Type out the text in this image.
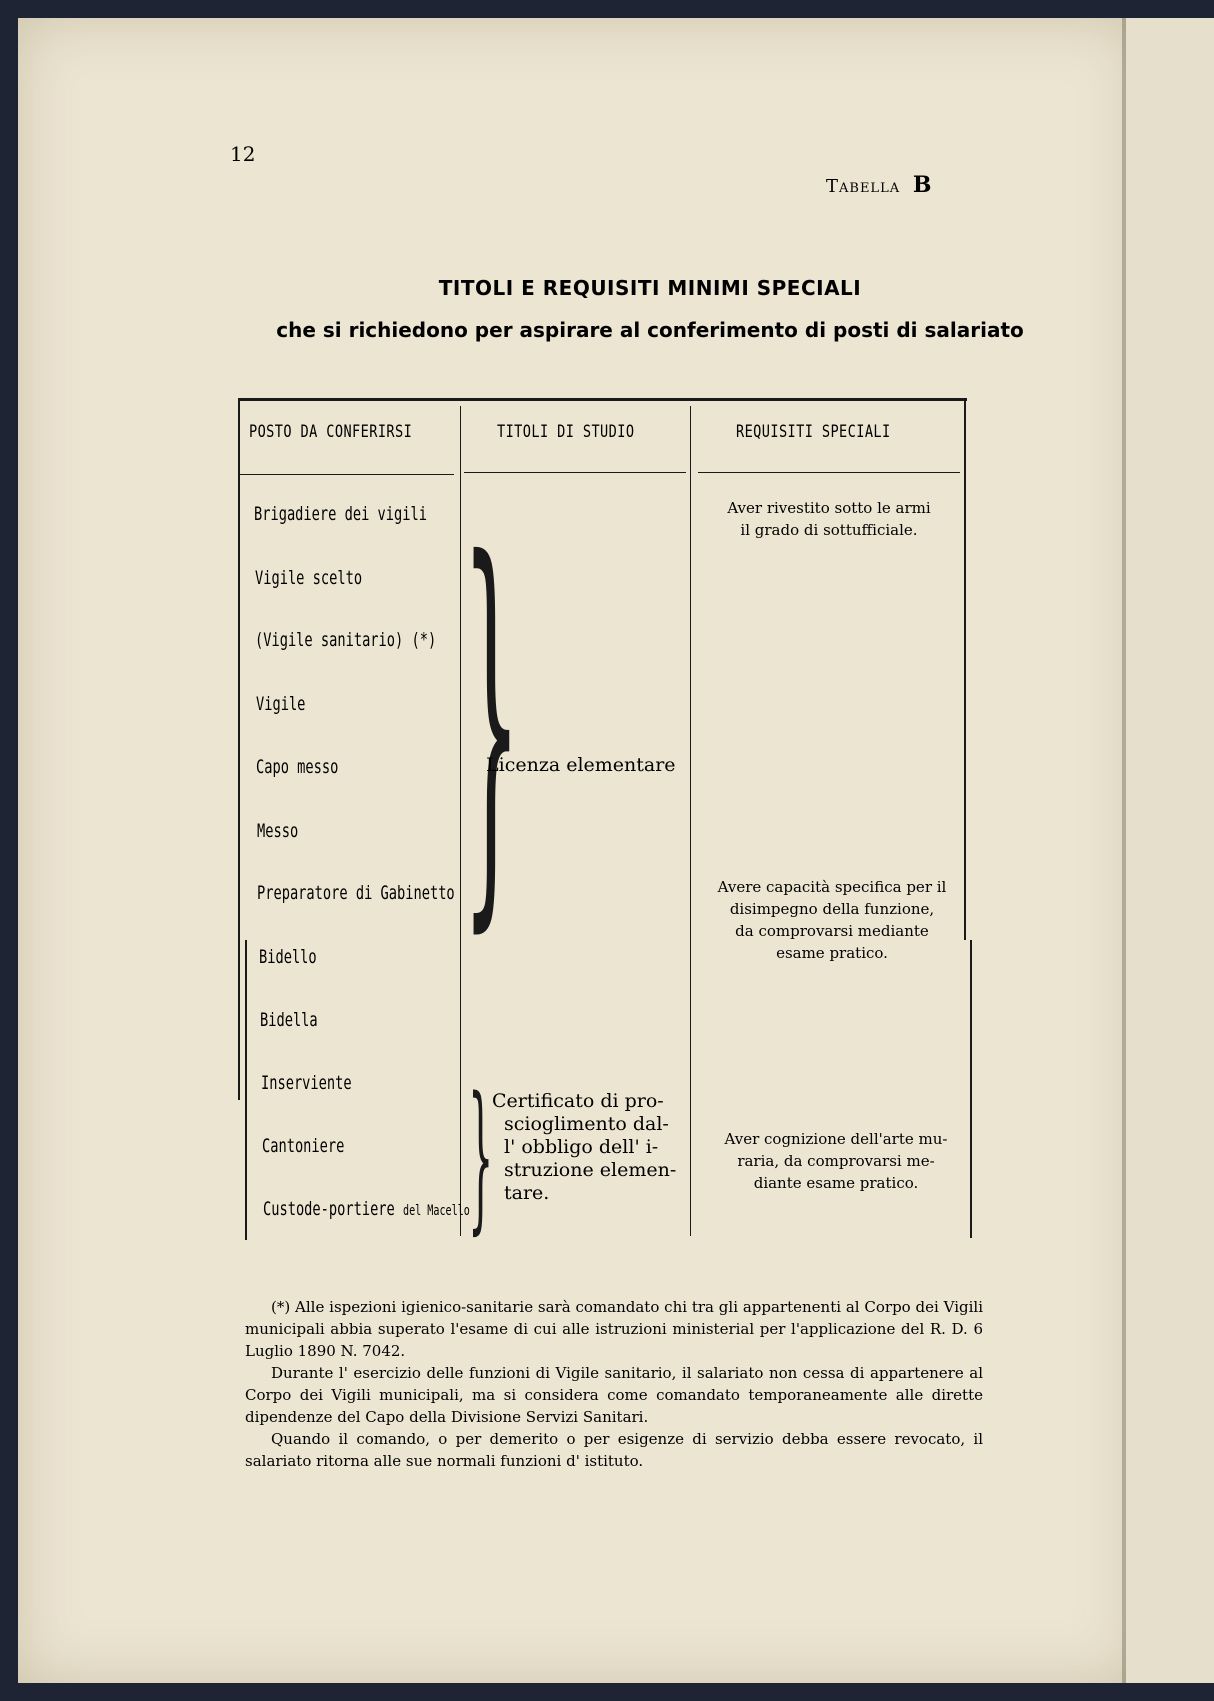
12
Tabella B
TITOLI E REQUISITI MINIMI SPECIALI
che si richiedono per aspirare al conferimento di posti di salariato
POSTO DA CONFERIRSI	TITOLI DI STUDIO	REQUISITI SPECIALI
Brigadiere dei vigili
Vigile scelto
(Vigile sanitario) (*)
Vigile
Capo messo
Messo
Preparatore di Gabinetto
Bidello
Bidella
Inserviente
Cantoniere
Custode-portiere del Macello
}
}
Licenza elementare
Certificato di pro-
scioglimento dal-
l' obbligo dell' i-
struzione elemen-
tare.
Aver rivestito sotto le armi
il grado di sottufficiale.
Avere capacità specifica per il
disimpegno della funzione,
da comprovarsi mediante
esame pratico.
Aver cognizione dell'arte mu-
raria, da comprovarsi me-
diante esame pratico.

(*) Alle ispezioni igienico-sanitarie sarà comandato chi tra gli appartenenti al Corpo dei Vigili municipali abbia superato l'esame di cui alle istruzioni ministerial per l'applicazione del R. D. 6 Luglio 1890 N. 7042.

Durante l' esercizio delle funzioni di Vigile sanitario, il salariato non cessa di appartenere al Corpo dei Vigili municipali, ma si considera come comandato temporaneamente alle dirette dipendenze del Capo della Divisione Servizi Sanitari.

Quando il comando, o per demerito o per esigenze di servizio debba essere revocato, il salariato ritorna alle sue normali funzioni d' istituto.
